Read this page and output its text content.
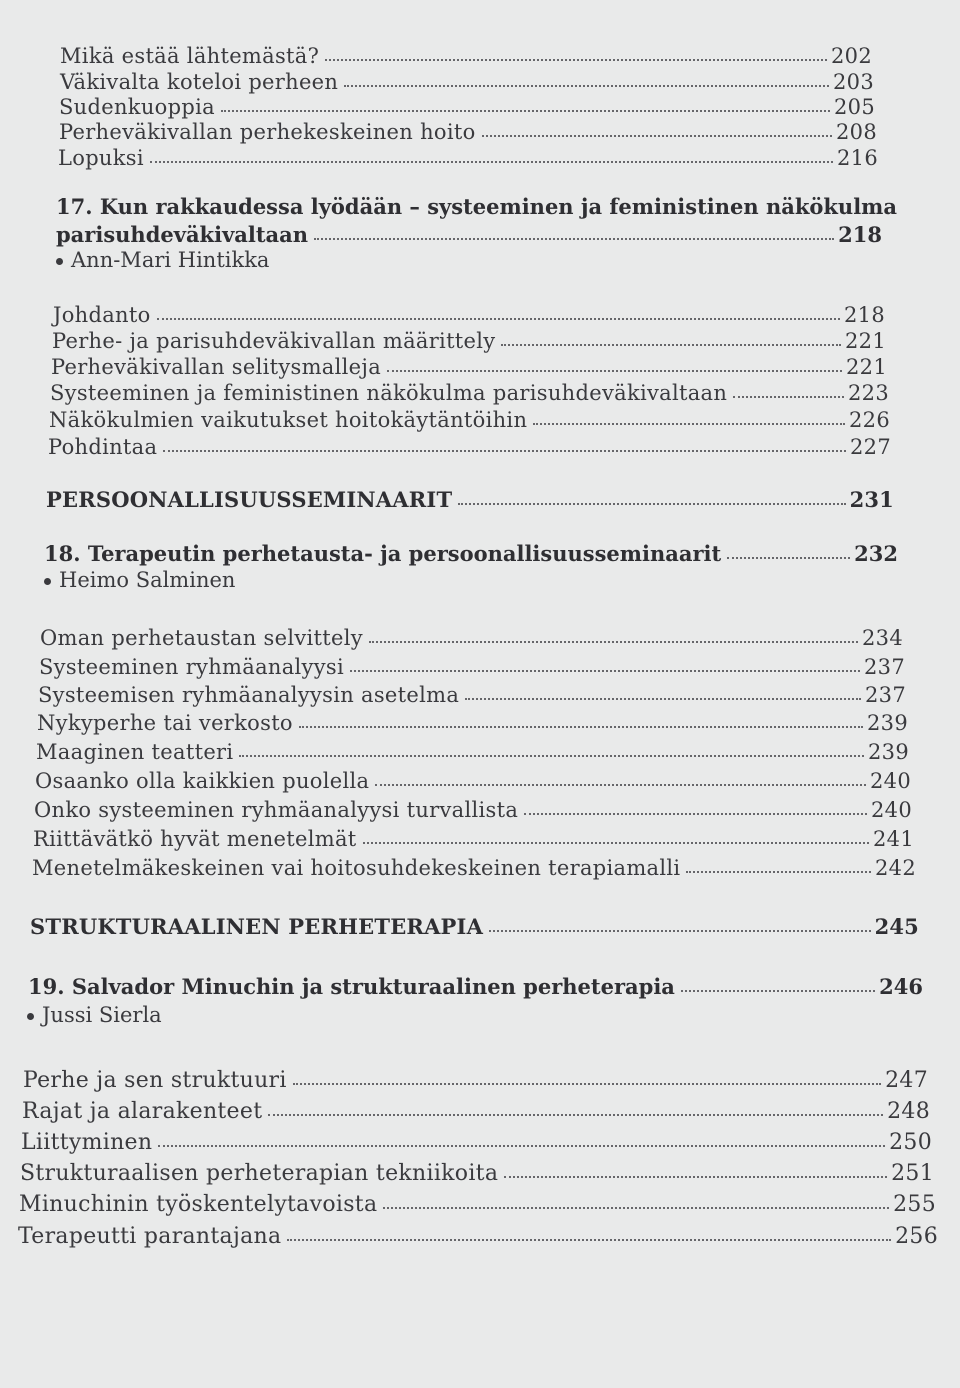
Mikä estää lähtemästä?	202
Väkivalta koteloi perheen	203
Sudenkuoppia	205
Perheväkivallan perhekeskeinen hoito	208
Lopuksi	216
17. Kun rakkaudessa lyödään – systeeminen ja feministinen näkökulma
parisuhdeväkivaltaan	218
Ann-Mari Hintikka
Johdanto	218
Perhe- ja parisuhdeväkivallan määrittely	221
Perheväkivallan selitysmalleja	221
Systeeminen ja feministinen näkökulma parisuhdeväkivaltaan	223
Näkökulmien vaikutukset hoitokäytäntöihin	226
Pohdintaa	227
PERSOONALLISUUSSEMINAARIT	231
18. Terapeutin perhetausta- ja persoonallisuusseminaarit	232
Heimo Salminen
Oman perhetaustan selvittely	234
Systeeminen ryhmäanalyysi	237
Systeemisen ryhmäanalyysin asetelma	237
Nykyperhe tai verkosto	239
Maaginen teatteri	239
Osaanko olla kaikkien puolella	240
Onko systeeminen ryhmäanalyysi turvallista	240
Riittävätkö hyvät menetelmät	241
Menetelmäkeskeinen vai hoitosuhdekeskeinen terapiamalli	242
STRUKTURAALINEN PERHETERAPIA	245
19. Salvador Minuchin ja strukturaalinen perheterapia	246
Jussi Sierla
Perhe ja sen struktuuri	247
Rajat ja alarakenteet	248
Liittyminen	250
Strukturaalisen perheterapian tekniikoita	251
Minuchinin työskentelytavoista	255
Terapeutti parantajana	256
